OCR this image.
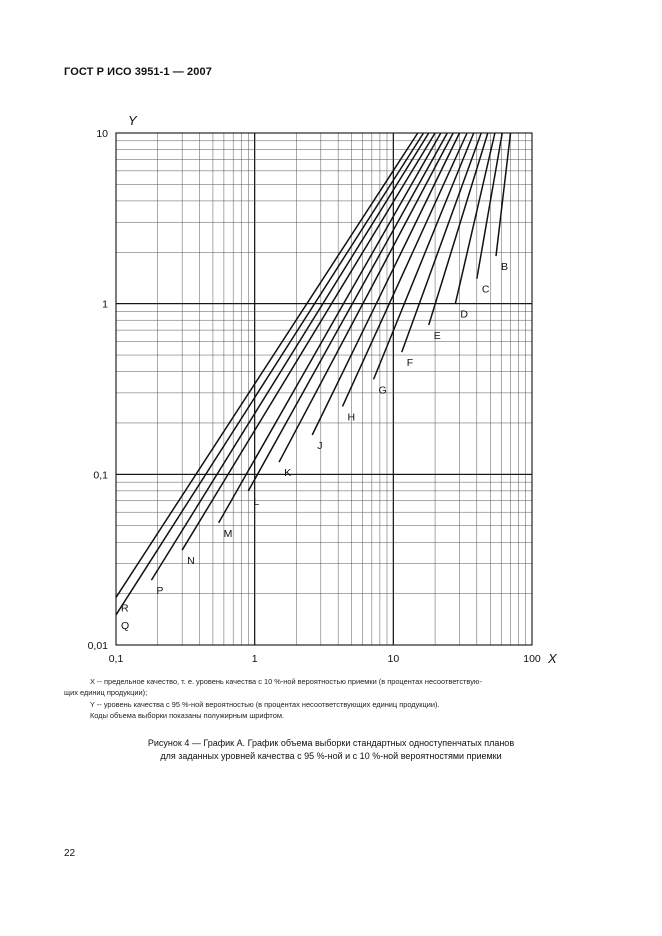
ГОСТ Р ИСО 3951-1 — 2007
R
Q
P
N
M
L
K
J
H
G
F
E
D
C
B
0,1	1	10	100
0,01
0,1
1
10
X
Y
X -- предельное качество, т. е. уровень качества с 10 %-ной вероятностью приемки (в процентах несоответствую-
щих единиц продукции);
Y -- уровень качества с 95 %-ной вероятностью (в процентах несоответствующих единиц продукции).
Коды объема выборки показаны полужирным шрифтом.
Рисунок 4 — График А. График объема выборки стандартных одноступенчатых планов
для заданных уровней качества с 95 %-ной и с 10 %-ной вероятностями приемки
22
